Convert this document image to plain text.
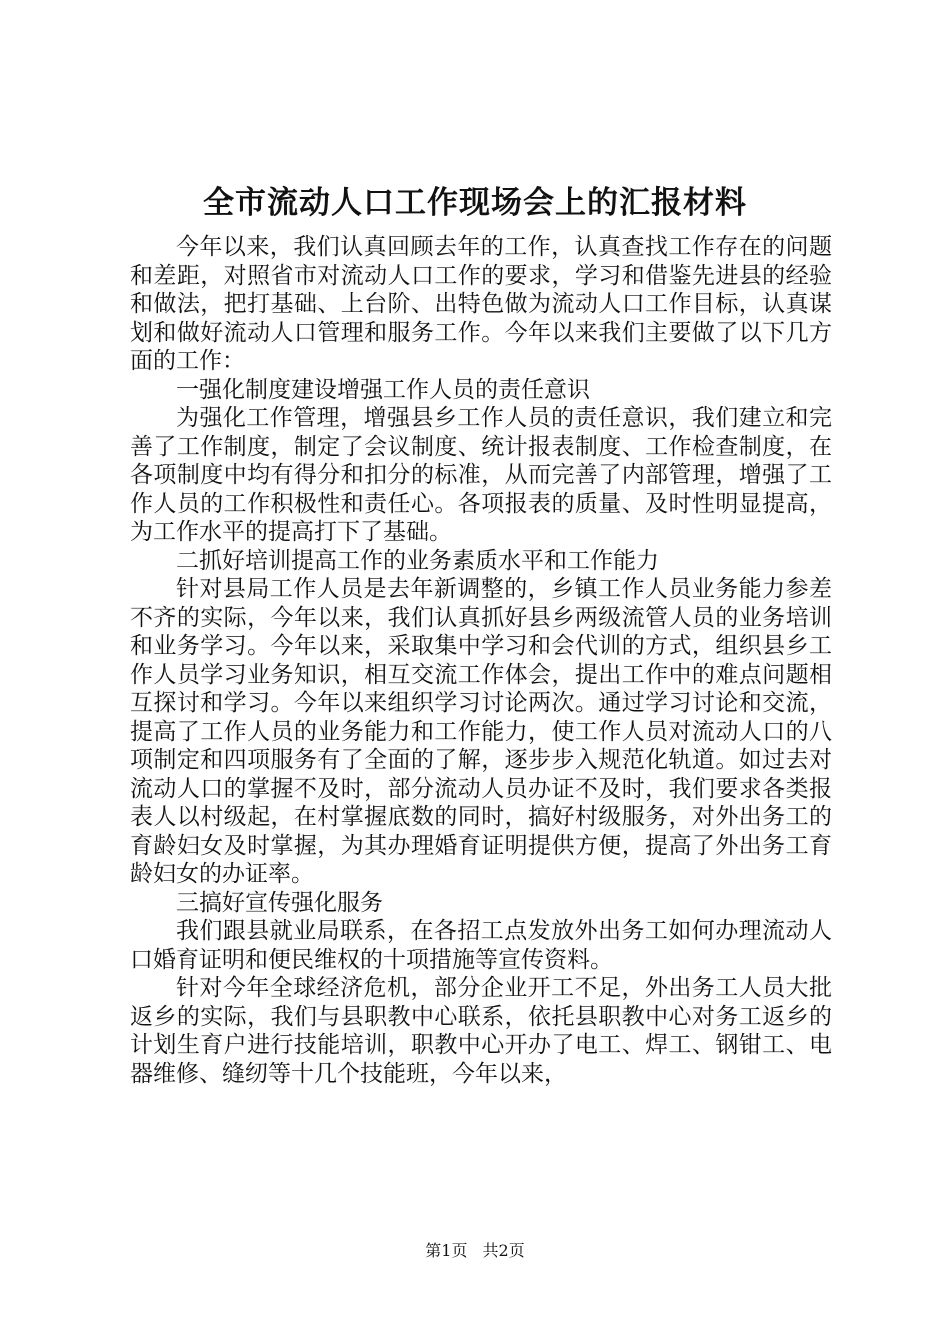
全市流动人口工作现场会上的汇报材料

今年以来，我们认真回顾去年的工作，认真查找工作存在的问题和差距，对照省市对流动人口工作的要求，学习和借鉴先进县的经验和做法，把打基础、上台阶、出特色做为流动人口工作目标，认真谋划和做好流动人口管理和服务工作。今年以来我们主要做了以下几方面的工作：

一强化制度建设增强工作人员的责任意识

为强化工作管理，增强县乡工作人员的责任意识，我们建立和完善了工作制度，制定了会议制度、统计报表制度、工作检查制度，在各项制度中均有得分和扣分的标准，从而完善了内部管理，增强了工作人员的工作积极性和责任心。各项报表的质量、及时性明显提高，为工作水平的提高打下了基础。

二抓好培训提高工作的业务素质水平和工作能力

针对县局工作人员是去年新调整的，乡镇工作人员业务能力参差不齐的实际，今年以来，我们认真抓好县乡两级流管人员的业务培训和业务学习。今年以来，采取集中学习和会代训的方式，组织县乡工作人员学习业务知识，相互交流工作体会，提出工作中的难点问题相互探讨和学习。今年以来组织学习讨论两次。通过学习讨论和交流，提高了工作人员的业务能力和工作能力，使工作人员对流动人口的八项制定和四项服务有了全面的了解，逐步步入规范化轨道。如过去对流动人口的掌握不及时，部分流动人员办证不及时，我们要求各类报表人以村级起，在村掌握底数的同时，搞好村级服务，对外出务工的育龄妇女及时掌握，为其办理婚育证明提供方便，提高了外出务工育龄妇女的办证率。

三搞好宣传强化服务

我们跟县就业局联系，在各招工点发放外出务工如何办理流动人口婚育证明和便民维权的十项措施等宣传资料。

针对今年全球经济危机，部分企业开工不足，外出务工人员大批返乡的实际，我们与县职教中心联系，依托县职教中心对务工返乡的计划生育户进行技能培训，职教中心开办了电工、焊工、钢钳工、电器维修、缝纫等十几个技能班，今年以来，

第1页 共2页
